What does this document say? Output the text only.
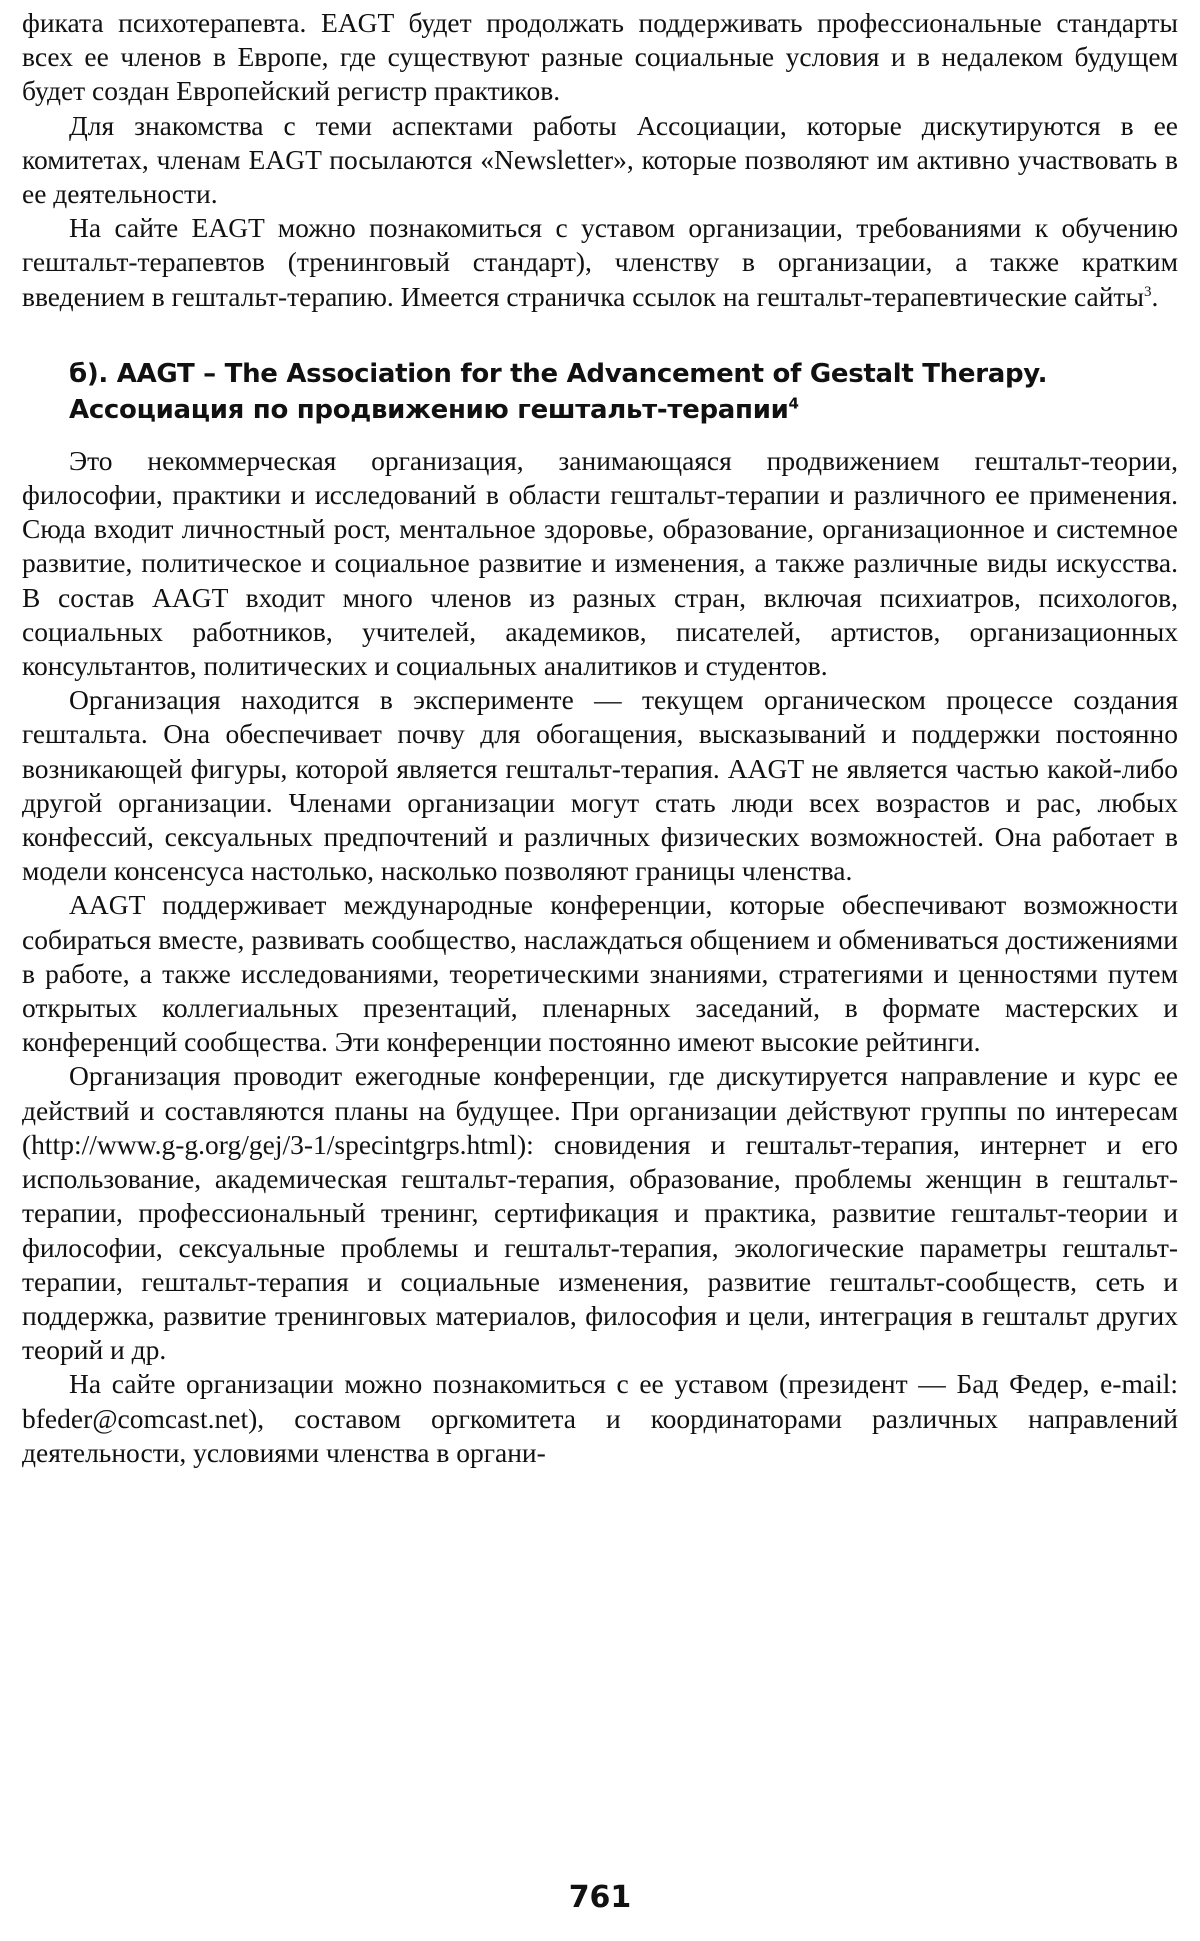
фиката психотерапевта. EAGT будет продолжать поддерживать профессиональные стандарты всех ее членов в Европе, где существуют разные социальные условия и в недалеком будущем будет создан Европейский регистр практиков.

Для знакомства с теми аспектами работы Ассоциации, которые дискутируются в ее комитетах, членам EAGT посылаются «Newsletter», которые позволяют им активно участвовать в ее деятельности.

На сайте EAGT можно познакомиться с уставом организации, требованиями к обучению гештальт-терапевтов (тренинговый стандарт), членству в организации, а также кратким введением в гештальт-терапию. Имеется страничка ссылок на гештальт-терапевтические сайты$^3$.

б). AAGT – The Association for the Advancement of Gestalt Therapy.
Ассоциация по продвижению гештальт-терапии$^4$

Это некоммерческая организация, занимающаяся продвижением гештальт-теории, философии, практики и исследований в области гештальт-терапии и различного ее применения. Сюда входит личностный рост, ментальное здоровье, образование, организационное и системное развитие, политическое и социальное развитие и изменения, а также различные виды искусства. В состав AAGT входит много членов из разных стран, включая психиатров, психологов, социальных работников, учителей, академиков, писателей, артистов, организационных консультантов, политических и социальных аналитиков и студентов.

Организация находится в эксперименте — текущем органическом процессе создания гештальта. Она обеспечивает почву для обогащения, высказываний и поддержки постоянно возникающей фигуры, которой является гештальт-терапия. AAGT не является частью какой-либо другой организации. Членами организации могут стать люди всех возрастов и рас, любых конфессий, сексуальных предпочтений и различных физических возможностей. Она работает в модели консенсуса настолько, насколько позволяют границы членства.

AAGT поддерживает международные конференции, которые обеспечивают возможности собираться вместе, развивать сообщество, наслаждаться общением и обмениваться достижениями в работе, а также исследованиями, теоретическими знаниями, стратегиями и ценностями путем открытых коллегиальных презентаций, пленарных заседаний, в формате мастерских и конференций сообщества. Эти конференции постоянно имеют высокие рейтинги.

Организация проводит ежегодные конференции, где дискутируется направление и курс ее действий и составляются планы на будущее. При организации действуют группы по интересам (http://www.g-g.org/gej/3-1/specintgrps.html): сновидения и гештальт-терапия, интернет и его использование, академическая гештальт-терапия, образование, проблемы женщин в гештальт-терапии, профессиональный тренинг, сертификация и практика, развитие гештальт-теории и философии, сексуальные проблемы и гештальт-терапия, экологические параметры гештальт-терапии, гештальт-терапия и социальные изменения, развитие гештальт-сообществ, сеть и поддержка, развитие тренинговых материалов, философия и цели, интеграция в гештальт других теорий и др.

На сайте организации можно познакомиться с ее уставом (президент — Бад Федер, e-mail: bfeder@comcast.net), составом оргкомитета и координаторами различных направлений деятельности, условиями членства в органи-

761
